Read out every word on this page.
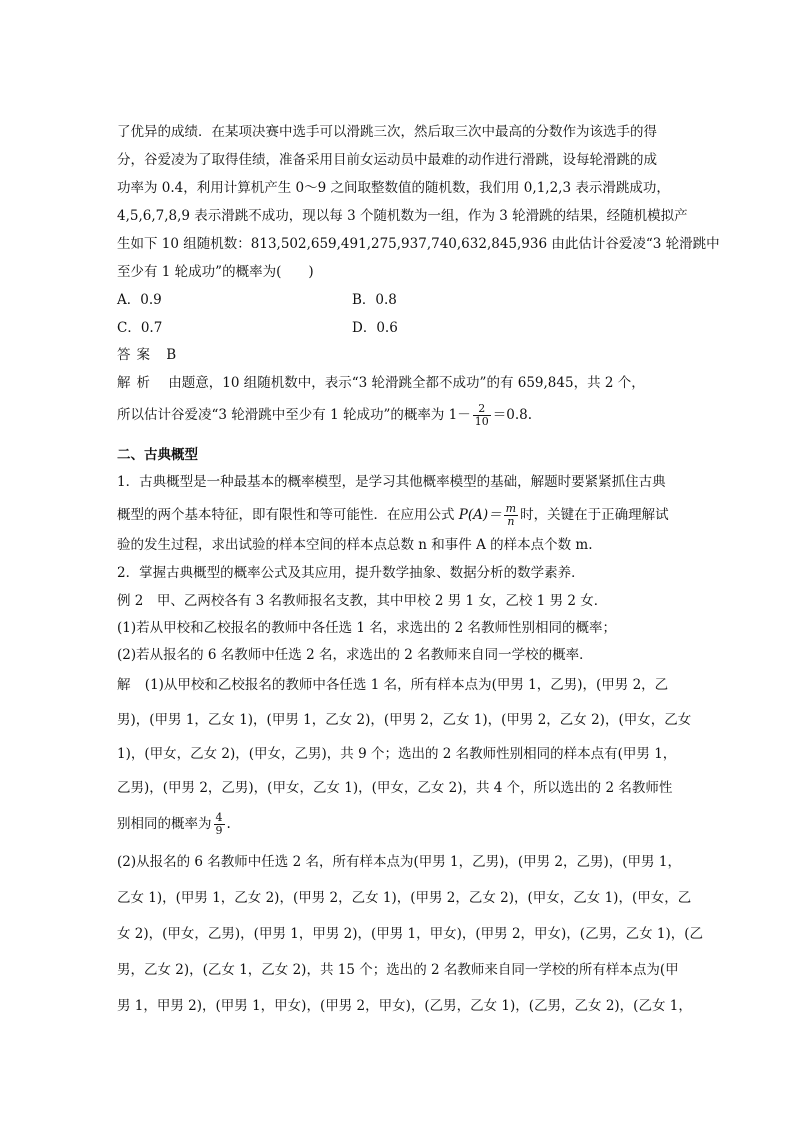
了优异的成绩．在某项决赛中选手可以滑跳三次，然后取三次中最高的分数作为该选手的得
分，谷爱凌为了取得佳绩，准备采用目前女运动员中最难的动作进行滑跳，设每轮滑跳的成
功率为 0.4，利用计算机产生 0～9 之间取整数值的随机数，我们用 0,1,2,3 表示滑跳成功，
4,5,6,7,8,9 表示滑跳不成功，现以每 3 个随机数为一组，作为 3 轮滑跳的结果，经随机模拟产
生如下 10 组随机数：813,502,659,491,275,937,740,632,845,936 由此估计谷爱凌“3 轮滑跳中
至少有 1 轮成功”的概率为(　　)
A．0.9	B．0.8
C．0.7	D．0.6
答案 B
解析 由题意，10 组随机数中，表示“3 轮滑跳全都不成功”的有 659,845，共 2 个，
所以估计谷爱凌“3 轮滑跳中至少有 1 轮成功”的概率为 $1- \frac{2}{10} =0.8$.
二、古典概型
1．古典概型是一种最基本的概率模型，是学习其他概率模型的基础，解题时要紧紧抓住古典
概型的两个基本特征，即有限性和等可能性．在应用公式 $P(A)= \frac{m}{n}$ 时，关键在于正确理解试
验的发生过程，求出试验的样本空间的样本点总数 n 和事件 A 的样本点个数 m.
2．掌握古典概型的概率公式及其应用，提升数学抽象、数据分析的数学素养．
例 2　甲、乙两校各有 3 名教师报名支教，其中甲校 2 男 1 女，乙校 1 男 2 女．
(1)若从甲校和乙校报名的教师中各任选 1 名，求选出的 2 名教师性别相同的概率；
(2)若从报名的 6 名教师中任选 2 名，求选出的 2 名教师来自同一学校的概率．
解 (1)从甲校和乙校报名的教师中各任选 1 名，所有样本点为(甲男 1，乙男)，(甲男 2，乙
男)，(甲男 1，乙女 1)，(甲男 1，乙女 2)，(甲男 2，乙女 1)，(甲男 2，乙女 2)，(甲女，乙女
1)，(甲女，乙女 2)，(甲女，乙男)，共 9 个；选出的 2 名教师性别相同的样本点有(甲男 1，
乙男)，(甲男 2，乙男)，(甲女，乙女 1)，(甲女，乙女 2)，共 4 个，所以选出的 2 名教师性
别相同的概率为 $\frac{4}{9}$ .
(2)从报名的 6 名教师中任选 2 名，所有样本点为(甲男 1，乙男)，(甲男 2，乙男)，(甲男 1，
乙女 1)，(甲男 1，乙女 2)，(甲男 2，乙女 1)，(甲男 2，乙女 2)，(甲女，乙女 1)，(甲女，乙
女 2)，(甲女，乙男)，(甲男 1，甲男 2)，(甲男 1，甲女)，(甲男 2，甲女)，(乙男，乙女 1)，(乙
男，乙女 2)，(乙女 1，乙女 2)，共 15 个；选出的 2 名教师来自同一学校的所有样本点为(甲
男 1，甲男 2)，(甲男 1，甲女)，(甲男 2，甲女)，(乙男，乙女 1)，(乙男，乙女 2)，(乙女 1，
